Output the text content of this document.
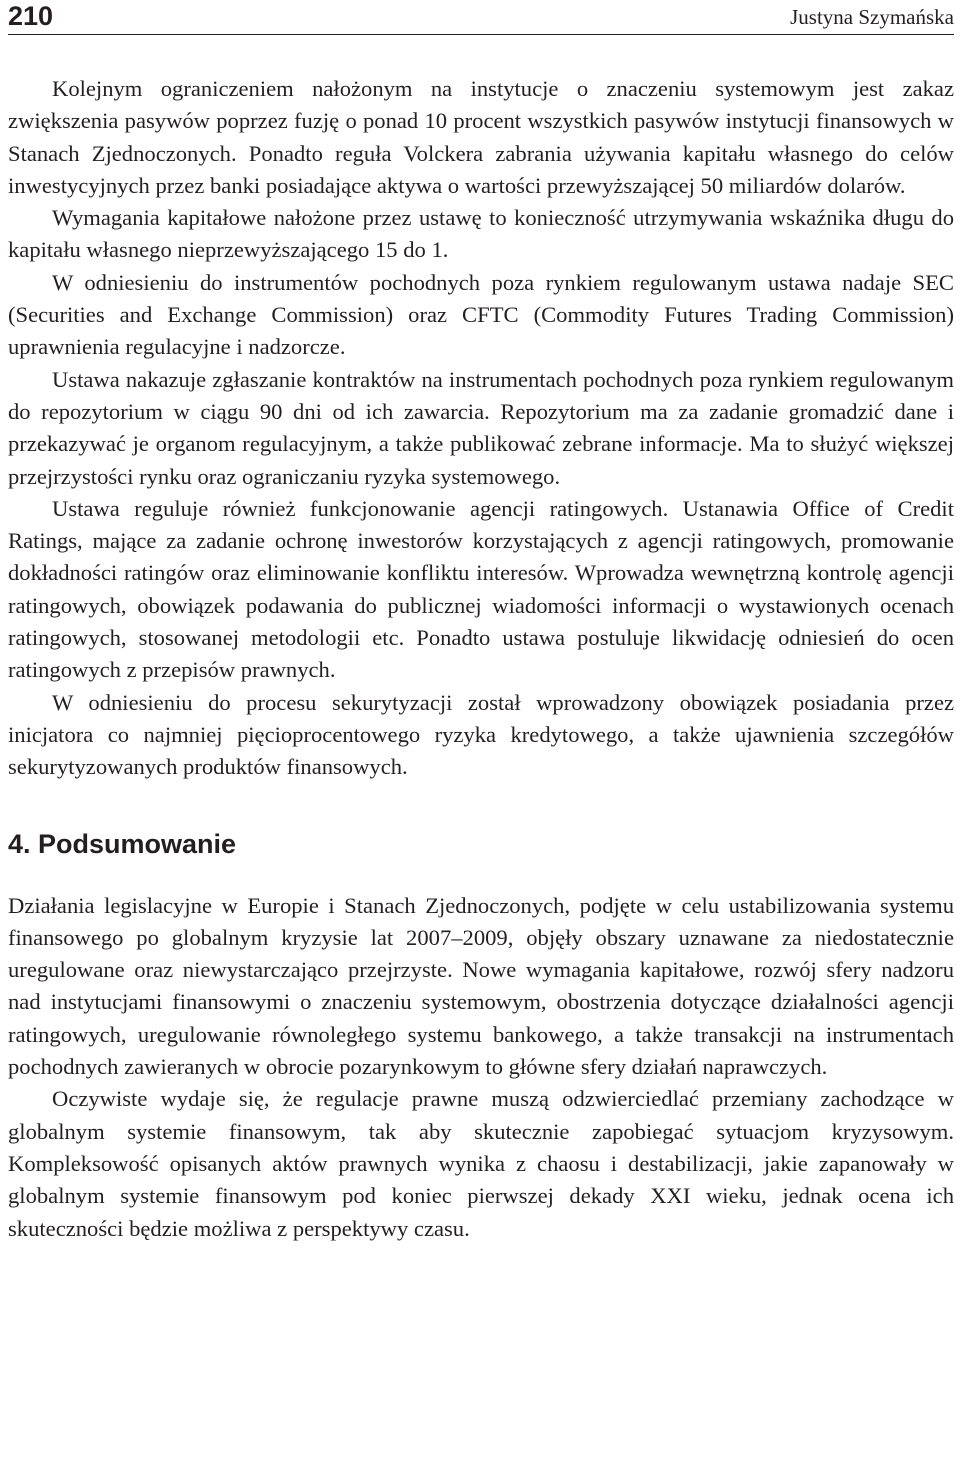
210	Justyna Szymańska

Kolejnym ograniczeniem nałożonym na instytucje o znaczeniu systemowym jest zakaz zwiększenia pasywów poprzez fuzję o ponad 10 procent wszystkich pasywów instytucji finansowych w Stanach Zjednoczonych. Ponadto reguła Volckera zabrania używania kapitału własnego do celów inwestycyjnych przez banki posiadające aktywa o wartości przewyższającej 50 miliardów dolarów.

Wymagania kapitałowe nałożone przez ustawę to konieczność utrzymywania wskaźnika długu do kapitału własnego nieprzewyższającego 15 do 1.

W odniesieniu do instrumentów pochodnych poza rynkiem regulowanym ustawa nadaje SEC (Securities and Exchange Commission) oraz CFTC (Commodity Futures Trading Commission) uprawnienia regulacyjne i nadzorcze.

Ustawa nakazuje zgłaszanie kontraktów na instrumentach pochodnych poza rynkiem regulowanym do repozytorium w ciągu 90 dni od ich zawarcia. Repozytorium ma za zadanie gromadzić dane i przekazywać je organom regulacyjnym, a także publikować zebrane informacje. Ma to służyć większej przejrzystości rynku oraz ograniczaniu ryzyka systemowego.

Ustawa reguluje również funkcjonowanie agencji ratingowych. Ustanawia Office of Credit Ratings, mające za zadanie ochronę inwestorów korzystających z agencji ratingowych, promowanie dokładności ratingów oraz eliminowanie konfliktu interesów. Wprowadza wewnętrzną kontrolę agencji ratingowych, obowiązek podawania do publicznej wiadomości informacji o wystawionych ocenach ratingowych, stosowanej metodologii etc. Ponadto ustawa postuluje likwidację odniesień do ocen ratingowych z przepisów prawnych.

W odniesieniu do procesu sekurytyzacji został wprowadzony obowiązek posiadania przez inicjatora co najmniej pięcioprocentowego ryzyka kredytowego, a także ujawnienia szczegółów sekurytyzowanych produktów finansowych.

4. Podsumowanie

Działania legislacyjne w Europie i Stanach Zjednoczonych, podjęte w celu ustabilizowania systemu finansowego po globalnym kryzysie lat 2007–2009, objęły obszary uznawane za niedostatecznie uregulowane oraz niewystarczająco przejrzyste. Nowe wymagania kapitałowe, rozwój sfery nadzoru nad instytucjami finansowymi o znaczeniu systemowym, obostrzenia dotyczące działalności agencji ratingowych, uregulowanie równoległego systemu bankowego, a także transakcji na instrumentach pochodnych zawieranych w obrocie pozarynkowym to główne sfery działań naprawczych.

Oczywiste wydaje się, że regulacje prawne muszą odzwierciedlać przemiany zachodzące w globalnym systemie finansowym, tak aby skutecznie zapobiegać sytuacjom kryzysowym. Kompleksowość opisanych aktów prawnych wynika z chaosu i destabilizacji, jakie zapanowały w globalnym systemie finansowym pod koniec pierwszej dekady XXI wieku, jednak ocena ich skuteczności będzie możliwa z perspektywy czasu.
